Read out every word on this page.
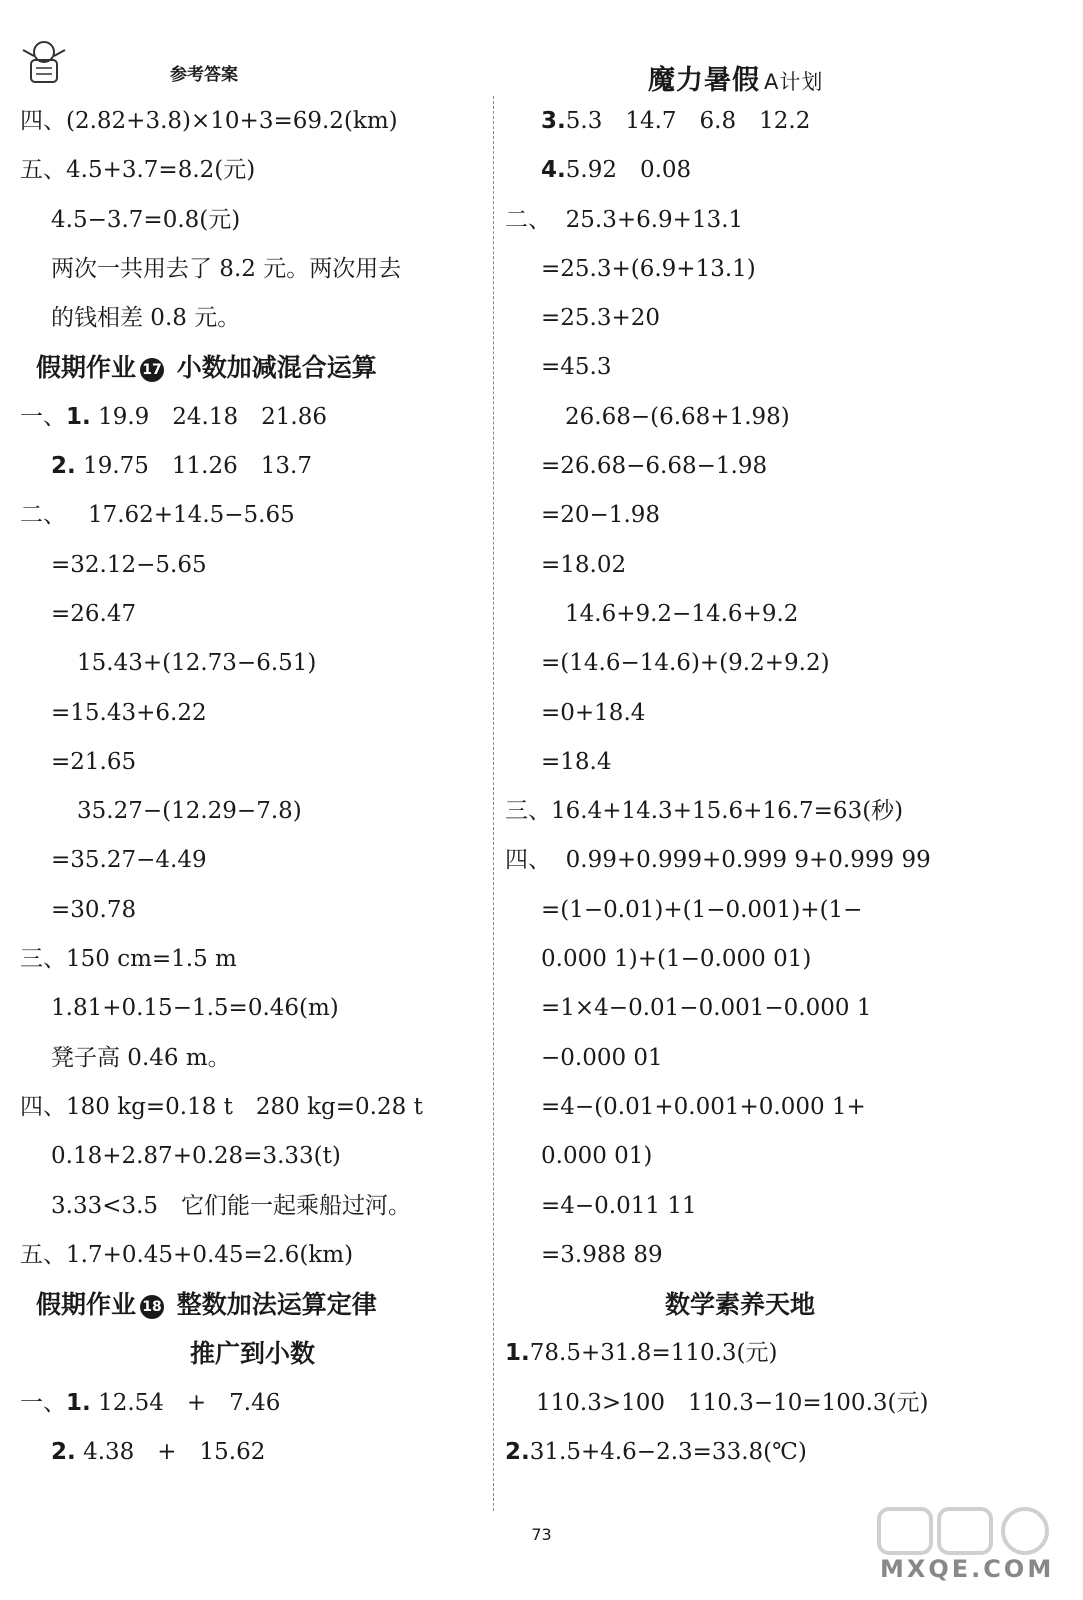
参考答案	魔力暑假 A计划
四、(2.82+3.8)×10+3=69.2(km)
五、4.5+3.7=8.2(元)
4.5−3.7=0.8(元)
两次一共用去了 8.2 元。两次用去
的钱相差 0.8 元。
假期作业 17 小数加减混合运算
一、1. 19.9　24.18　21.86
2. 19.75　11.26　13.7
二、 17.62+14.5−5.65
=32.12−5.65
=26.47
15.43+(12.73−6.51)
=15.43+6.22
=21.65
35.27−(12.29−7.8)
=35.27−4.49
=30.78
三、150 cm=1.5 m
1.81+0.15−1.5=0.46(m)
凳子高 0.46 m。
四、180 kg=0.18 t　280 kg=0.28 t
0.18+2.87+0.28=3.33(t)
3.33<3.5　它们能一起乘船过河。
五、1.7+0.45+0.45=2.6(km)
假期作业 18 整数加法运算定律
推广到小数
一、1. 12.54　+　7.46
2. 4.38　+　15.62
3.5.3　14.7　6.8　12.2
4.5.92　0.08
二、 25.3+6.9+13.1
=25.3+(6.9+13.1)
=25.3+20
=45.3
26.68−(6.68+1.98)
=26.68−6.68−1.98
=20−1.98
=18.02
14.6+9.2−14.6+9.2
=(14.6−14.6)+(9.2+9.2)
=0+18.4
=18.4
三、16.4+14.3+15.6+16.7=63(秒)
四、 0.99+0.999+0.999 9+0.999 99
=(1−0.01)+(1−0.001)+(1−
0.000 1)+(1−0.000 01)
=1×4−0.01−0.001−0.000 1
−0.000 01
=4−(0.01+0.001+0.000 1+
0.000 01)
=4−0.011 11
=3.988 89
数学素养天地
1.78.5+31.8=110.3(元)
110.3>100　110.3−10=100.3(元)
2.31.5+4.6−2.3=33.8(℃)
73
MXQE.COM
